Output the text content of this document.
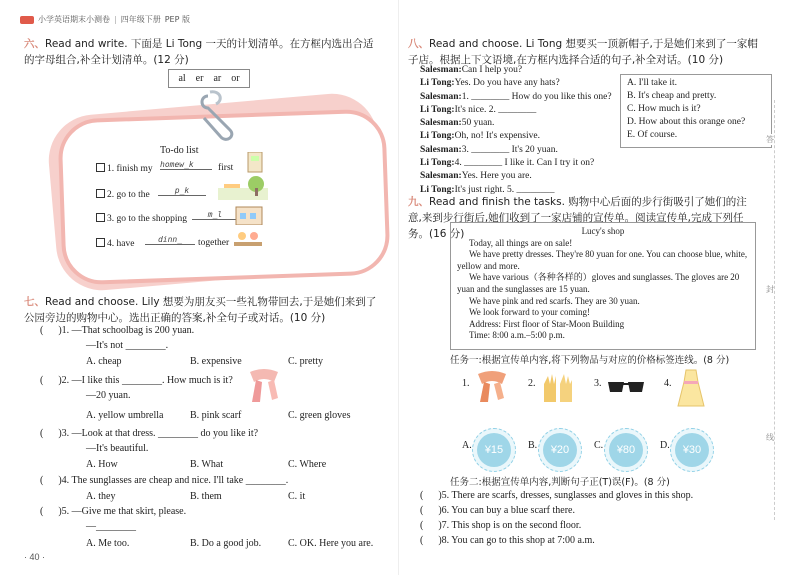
小学英语期末小测卷 | 四年级下册 PEP 版
六、Read and write. 下面是 Li Tong 一天的计划清单。在方框内选出合适的字母组合,补全计划清单。(12 分)
al    er    ar    or
To-do list
1. finish my homew_k	first
2. go to the	p_k
3. go to the shopping	m_l
4. have	dinn_	together
七、Read and choose. Lily 想要为朋友买一些礼物带回去,于是她们来到了公园旁边的购物中心。选出正确的答案,补全句子或对话。(10 分)
(      )1. —That schoolbag is 200 yuan.
—It's not ________.
A. cheap	B. expensive	C. pretty
(      )2. —I like this ________. How much is it?
—20 yuan.
A. yellow umbrella	B. pink scarf	C. green gloves
(      )3. —Look at that dress. ________ do you like it?
—It's beautiful.
A. How	B. What	C. Where
(      )4. The sunglasses are cheap and nice. I'll take ________.
A. they	B. them	C. it
(      )5. —Give me that skirt, please.
—________
A. Me too.	B. Do a good job.	C. OK. Here you are.
· 40 ·
八、Read and choose. Li Tong 想要买一顶新帽子,于是她们来到了一家帽子店。根据上下文语境,在方框内选择合适的句子,补全对话。(10 分)
Salesman:Can I help you?
Li Tong:Yes. Do you have any hats?
Salesman:1. ________ How do you like this one?
Li Tong:It's nice. 2. ________
Salesman:50 yuan.
Li Tong:Oh, no! It's expensive.
Salesman:3. ________ It's 20 yuan.
Li Tong:4. ________ I like it. Can I try it on?
Salesman:Yes. Here you are.
Li Tong:It's just right. 5. ________
A. I'll take it.
B. It's cheap and pretty.
C. How much is it?
D. How about this orange one?
E. Of course.
九、Read and finish the tasks. 购物中心后面的步行街吸引了她们的注意,来到步行街后,她们收到了一家店铺的宣传单。阅读宣传单,完成下列任务。(16 分)	Lucy's shop
Today, all things are on sale!
We have pretty dresses. They're 80 yuan for one. You can choose blue, white, yellow and more.
We have various（各种各样的）gloves and sunglasses. The gloves are 20 yuan and the sunglasses are 15 yuan.
We have pink and red scarfs. They are 30 yuan.
We look forward to your coming!
Address: First floor of Star-Moon Building
Time: 8:00 a.m.–5:00 p.m.
任务一:根据宣传单内容,将下列物品与对应的价格标签连线。(8 分)
1.	2.	3.	4.
A.	¥15	B.	¥20	C.	¥80	D.	¥30
任务二:根据宣传单内容,判断句子正(T)误(F)。(8 分)
(      )5. There are scarfs, dresses, sunglasses and gloves in this shop.
(      )6. You can buy a blue scarf there.
(      )7. This shop is on the second floor.
(      )8. You can go to this shop at 7:00 a.m.
答
封
线
